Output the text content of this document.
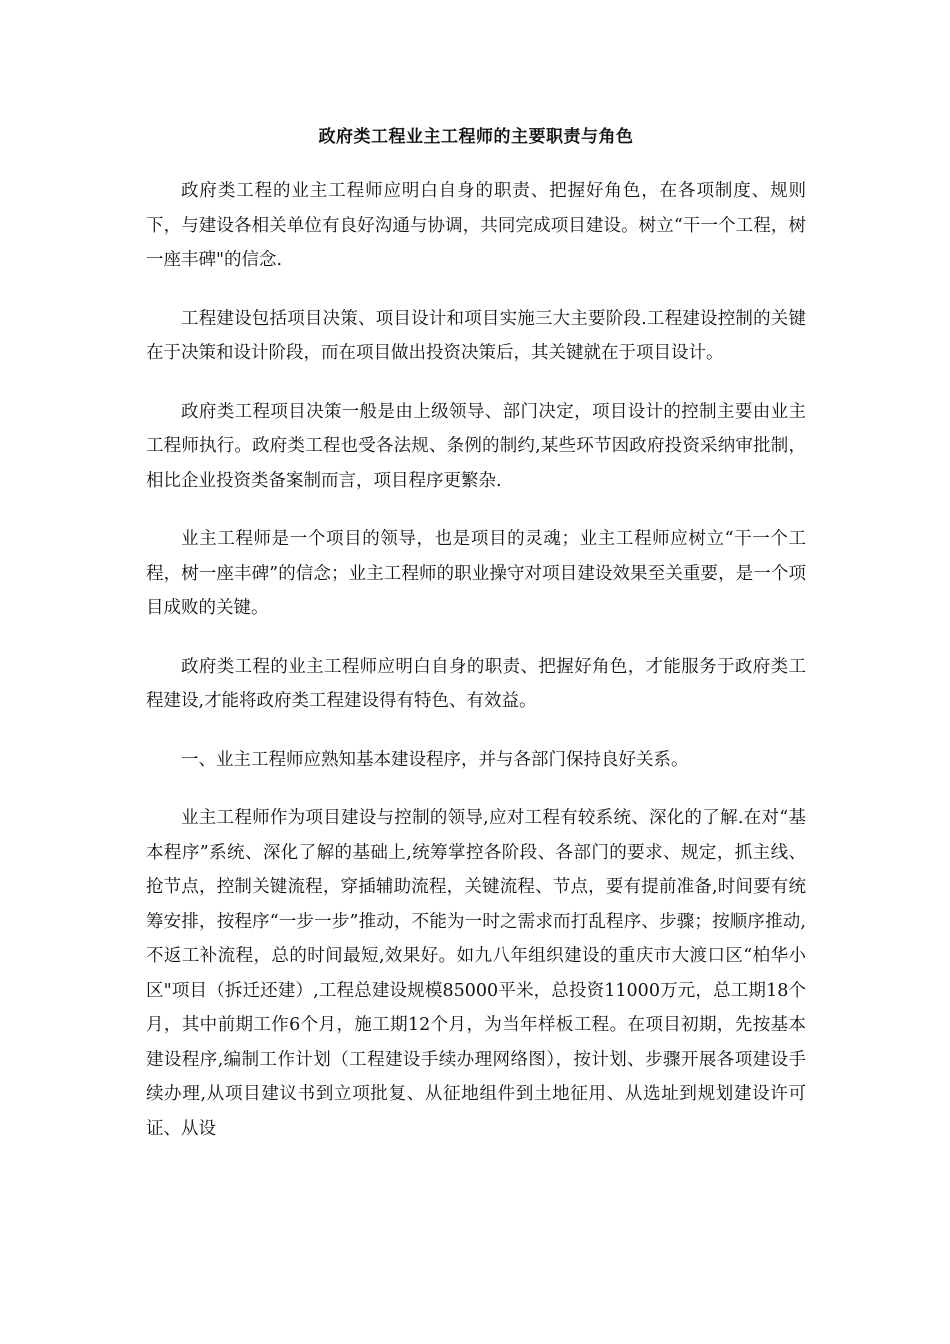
政府类工程业主工程师的主要职责与角色

政府类工程的业主工程师应明白自身的职责、把握好角色，在各项制度、规则下，与建设各相关单位有良好沟通与协调，共同完成项目建设。树立“干一个工程，树一座丰碑"的信念.

工程建设包括项目决策、项目设计和项目实施三大主要阶段.工程建设控制的关键在于决策和设计阶段，而在项目做出投资决策后，其关键就在于项目设计。

政府类工程项目决策一般是由上级领导、部门决定，项目设计的控制主要由业主工程师执行。政府类工程也受各法规、条例的制约,某些环节因政府投资采纳审批制，相比企业投资类备案制而言，项目程序更繁杂.

业主工程师是一个项目的领导，也是项目的灵魂；业主工程师应树立“干一个工程，树一座丰碑”的信念；业主工程师的职业操守对项目建设效果至关重要，是一个项目成败的关键。

政府类工程的业主工程师应明白自身的职责、把握好角色，才能服务于政府类工程建设,才能将政府类工程建设得有特色、有效益。

一、业主工程师应熟知基本建设程序，并与各部门保持良好关系。

业主工程师作为项目建设与控制的领导,应对工程有较系统、深化的了解.在对“基本程序”系统、深化了解的基础上,统筹掌控各阶段、各部门的要求、规定，抓主线、抢节点，控制关键流程，穿插辅助流程，关键流程、节点，要有提前准备,时间要有统筹安排，按程序“一步一步”推动，不能为一时之需求而打乱程序、步骤；按顺序推动,不返工补流程，总的时间最短,效果好。如九八年组织建设的重庆市大渡口区“柏华小区"项目（拆迁还建）,工程总建设规模85000平米，总投资11000万元，总工期18个月，其中前期工作6个月，施工期12个月，为当年样板工程。在项目初期，先按基本建设程序,编制工作计划（工程建设手续办理网络图），按计划、步骤开展各项建设手续办理,从项目建议书到立项批复、从征地组件到土地征用、从选址到规划建设许可证、从设
